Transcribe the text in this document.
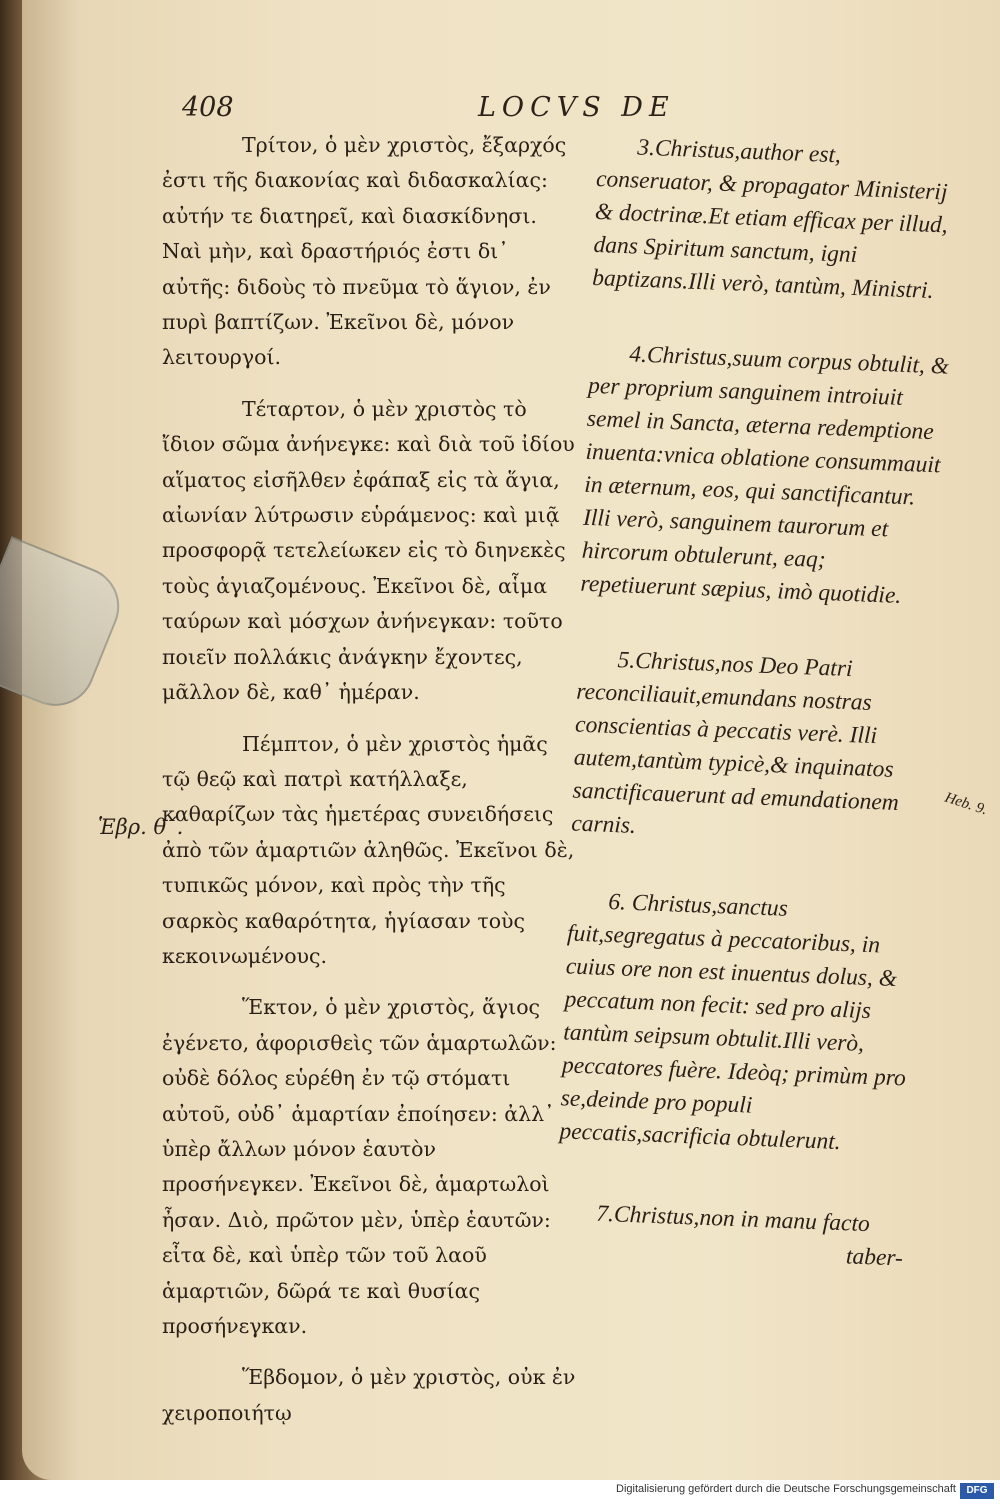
408	LOCVS DE

Τρίτον, ὁ μὲν χριστὸς, ἔξαρχός ἐστι τῆς διακονίας καὶ διδασκαλίας: αὐτήν τε διατηρεῖ, καὶ διασκίδνησι. Ναὶ μὴν, καὶ δραστήριός ἐστι δι᾽ αὐτῆς: διδοὺς τὸ πνεῦμα τὸ ἅγιον, ἐν πυρὶ βαπτίζων. Ἐκεῖνοι δὲ, μόνον λειτουργοί.

Τέταρτον, ὁ μὲν χριστὸς τὸ ἴδιον σῶμα ἀνήνεγκε: καὶ διὰ τοῦ ἰδίου αἵματος εἰσῆλθεν ἐφάπαξ εἰς τὰ ἅγια, αἰωνίαν λύτρωσιν εὑράμενος: καὶ μιᾷ προσφορᾷ τετελείωκεν εἰς τὸ διηνεκὲς τοὺς ἁγιαζομένους. Ἐκεῖνοι δὲ, αἷμα ταύρων καὶ μόσχων ἀνήνεγκαν: τοῦτο ποιεῖν πολλάκις ἀνάγκην ἔχοντες, μᾶλλον δὲ, καθ᾽ ἡμέραν.

Πέμπτον, ὁ μὲν χριστὸς ἡμᾶς τῷ θεῷ καὶ πατρὶ κατήλλαξε, καθαρίζων τὰς ἡμετέρας συνειδήσεις ἀπὸ τῶν ἁμαρτιῶν ἀληθῶς. Ἐκεῖνοι δὲ, τυπικῶς μόνον, καὶ πρὸς τὴν τῆς σαρκὸς καθαρότητα, ἡγίασαν τοὺς κεκοινωμένους.

Ἕκτον, ὁ μὲν χριστὸς, ἅγιος ἐγένετο, ἀφορισθεὶς τῶν ἁμαρτωλῶν: οὐδὲ δόλος εὑρέθη ἐν τῷ στόματι αὐτοῦ, οὐδ᾽ ἁμαρτίαν ἐποίησεν: ἀλλ᾽ ὑπὲρ ἄλλων μόνον ἑαυτὸν προσήνεγκεν. Ἐκεῖνοι δὲ, ἁμαρτωλοὶ ἦσαν. Διὸ, πρῶτον μὲν, ὑπὲρ ἑαυτῶν: εἶτα δὲ, καὶ ὑπὲρ τῶν τοῦ λαοῦ ἁμαρτιῶν, δῶρά τε καὶ θυσίας προσήνεγκαν.

Ἕβδομον, ὁ μὲν χριστὸς, οὐκ ἐν χειροποιήτῳ

3.Christus,author est, conseruator, & propagator Ministerij & doctrinæ.Et etiam efficax per illud, dans Spiritum sanctum, igni baptizans.Illi verò, tantùm, Ministri.

4.Christus,suum corpus obtulit, & per proprium sanguinem introiuit semel in Sancta, æterna redemptione inuenta:vnica oblatione consummauit in æternum, eos, qui sanctificantur. Illi verò, sanguinem taurorum et hircorum obtulerunt, eaq; repetiuerunt sæpius, imò quotidie.

5.Christus,nos Deo Patri reconciliauit,emundans nostras conscientias à peccatis verè. Illi autem,tantùm typicè,& inquinatos sanctificauerunt ad emundationem carnis.

6. Christus,sanctus fuit,segregatus à peccatoribus, in cuius ore non est inuentus dolus, & peccatum non fecit: sed pro alijs tantùm seipsum obtulit.Illi verò, peccatores fuère. Ideòq; primùm pro se,deinde pro populi peccatis,sacrificia obtulerunt.

7.Christus,non in manu facto

taber-

Ἑβρ. θ΄.
Heb. 9.
Digitalisierung gefördert durch die Deutsche Forschungsgemeinschaft	DFG
